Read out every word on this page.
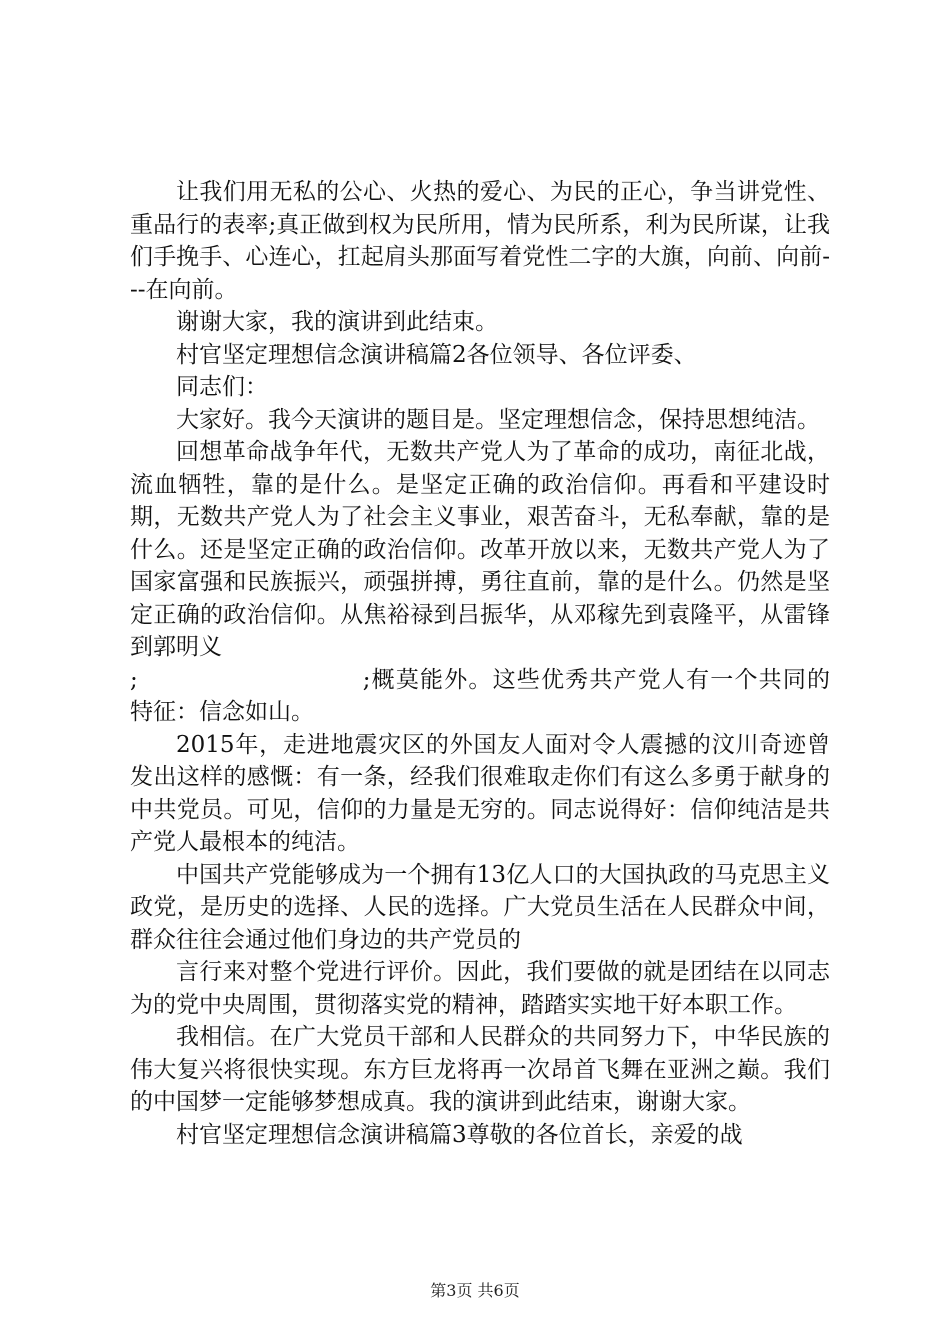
让我们用无私的公心、火热的爱心、为民的正心，争当讲党性、重品行的表率;真正做到权为民所用，情为民所系，利为民所谋，让我们手挽手、心连心，扛起肩头那面写着党性二字的大旗，向前、向前---在向前。

谢谢大家，我的演讲到此结束。

村官坚定理想信念演讲稿篇2各位领导、各位评委、

同志们：

大家好。我今天演讲的题目是。坚定理想信念，保持思想纯洁。

回想革命战争年代，无数共产党人为了革命的成功，南征北战，流血牺牲，靠的是什么。是坚定正确的政治信仰。再看和平建设时期，无数共产党人为了社会主义事业，艰苦奋斗，无私奉献，靠的是什么。还是坚定正确的政治信仰。改革开放以来，无数共产党人为了国家富强和民族振兴，顽强拼搏，勇往直前，靠的是什么。仍然是坚定正确的政治信仰。从焦裕禄到吕振华，从邓稼先到袁隆平，从雷锋到郭明义

;	;概莫能外。这些优秀共产党人有一个共同的特征：信念如山。

2015年，走进地震灾区的外国友人面对令人震撼的汶川奇迹曾发出这样的感慨：有一条，经我们很难取走你们有这么多勇于献身的中共党员。可见，信仰的力量是无穷的。同志说得好：信仰纯洁是共产党人最根本的纯洁。

中国共产党能够成为一个拥有13亿人口的大国执政的马克思主义政党，是历史的选择、人民的选择。广大党员生活在人民群众中间，群众往往会通过他们身边的共产党员的

言行来对整个党进行评价。因此，我们要做的就是团结在以同志为的党中央周围，贯彻落实党的精神，踏踏实实地干好本职工作。

我相信。在广大党员干部和人民群众的共同努力下，中华民族的伟大复兴将很快实现。东方巨龙将再一次昂首飞舞在亚洲之巅。我们的中国梦一定能够梦想成真。我的演讲到此结束，谢谢大家。

村官坚定理想信念演讲稿篇3尊敬的各位首长，亲爱的战

第3页 共6页
